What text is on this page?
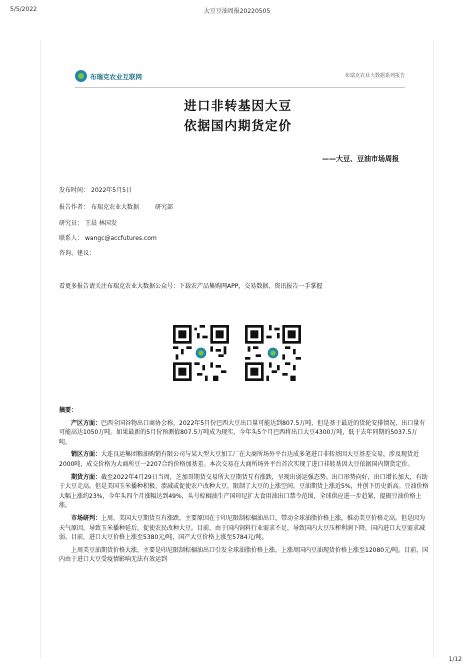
5/5/2022	大豆豆油周报20220505
布瑞克农业互联网	布瑞克农业大数据系列报告
进口非转基因大豆
依据国内期货定价
——大豆、豆油市场周报
发布时间： 2022年5月5日
报告作者： 布瑞克农业大数据	研究部
研究员： 王晨 林国发
联系人： wangc@accfutures.com
咨询、建议：
看更多报告请关注布瑞克农业大数据公众号：下载农产品集购网APP，交易数据、资讯报告一手掌握
摘要：

产区方面：巴西全国谷物出口商协会称，2022年5月份巴西大豆出口量可能达到807.5万吨，但是基于最近的货轮安排情况，出口量有可能高达1050万吨。如果最新的5月份预测值807.5万吨成为现实，今年头5个月巴西将出口大豆4300万吨，低于去年同期的5037.5万吨。

销区方面：大连良运集团粮油购销有限公司与某大型大豆加工厂在大商所场外平台达成多笔进口非转基因大豆基差交易，涉及现货近2000吨，成交价格为大商所豆一2207合约价格加基差。本次交易在大商所场外平台首次实现了进口非转基因大豆依据国内期货定价。

期货方面：截至2022年4月29日当周，芝加哥期货交易所大豆期货互有涨跌，呈现出弱运强态势。出口形势向好，出口增长加大，有助于大豆走高。但是美国玉米播种积极、溃减或促使农户改种大豆，限制了大豆的上涨空间。豆油期货上涨近5%，并创下历史新高。豆油价格大幅上涨约23%，今年头四个月涨幅达到49%，头号棕榈油生产国印尼扩大食用油出口禁令范围，全球供应进一步趋紧，提振豆油价格上涨。

市场研判：上周，美国大豆期货互有涨跌。主要原因在于印尼限制棕榈油出口，带动全球油脂价格上涨，推动美豆价格走高。但是因为天气原因，导致玉米播种延后，促使农民改种大豆。目前，由于国内饲料行业需求不足，导致国内大豆压榨利润下降，国内进口大豆需求减弱。目前，进口大豆价格上涨至5380元/吨，国产大豆价格上涨至5784元/吨。

上周美豆油期货价格大涨，主要是印尼限制棕榈油出口引发全球油脂价格上涨。上涨周国内豆油现货价格上涨至12080元/吨。目前，国内由于进口大豆受疫情影响无法有效运到

1/12
